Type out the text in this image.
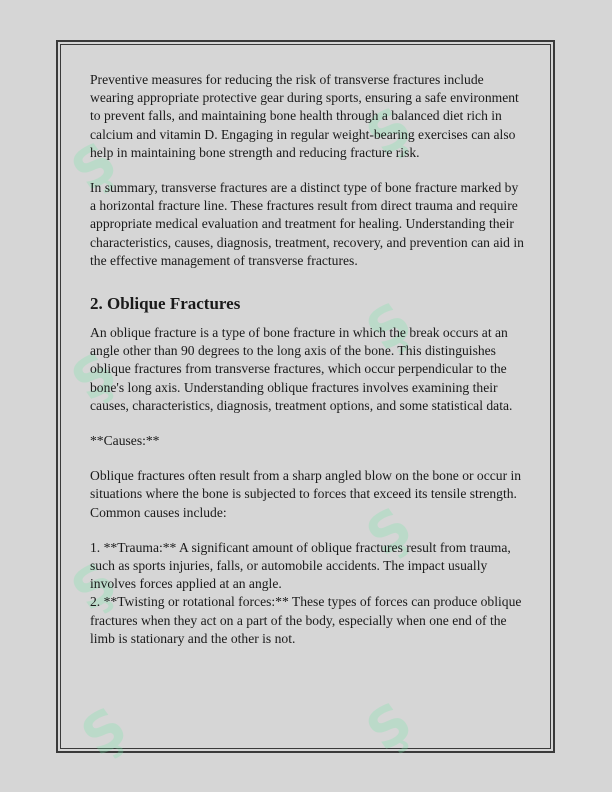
Ş
Ş
Ş
Ş
Ş
Ş
Ş
Ş

Preventive measures for reducing the risk of transverse fractures include wearing appropriate protective gear during sports, ensuring a safe environment to prevent falls, and maintaining bone health through a balanced diet rich in calcium and vitamin D. Engaging in regular weight-bearing exercises can also help in maintaining bone strength and reducing fracture risk.

In summary, transverse fractures are a distinct type of bone fracture marked by a horizontal fracture line. These fractures result from direct trauma and require appropriate medical evaluation and treatment for healing. Understanding their characteristics, causes, diagnosis, treatment, recovery, and prevention can aid in the effective management of transverse fractures.

2. Oblique Fractures

An oblique fracture is a type of bone fracture in which the break occurs at an angle other than 90 degrees to the long axis of the bone. This distinguishes oblique fractures from transverse fractures, which occur perpendicular to the bone's long axis. Understanding oblique fractures involves examining their causes, characteristics, diagnosis, treatment options, and some statistical data.

**Causes:**

Oblique fractures often result from a sharp angled blow on the bone or occur in situations where the bone is subjected to forces that exceed its tensile strength. Common causes include:

1. **Trauma:** A significant amount of oblique fractures result from trauma, such as sports injuries, falls, or automobile accidents. The impact usually involves forces applied at an angle.

2. **Twisting or rotational forces:** These types of forces can produce oblique fractures when they act on a part of the body, especially when one end of the limb is stationary and the other is not.
